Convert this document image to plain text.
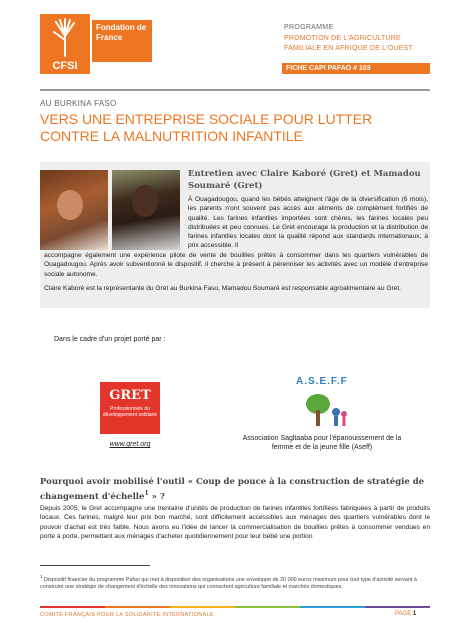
CFSI
Fondation de France
PROGRAMME
PROMOTION DE L'AGRICULTURE FAMILIALE EN AFRIQUE DE L'OUEST
FICHE CAPI PAFAO # 103
AU BURKINA FASO
VERS UNE ENTREPRISE SOCIALE POUR LUTTER CONTRE LA MALNUTRITION INFANTILE
Entretien avec Claire Kaboré (Gret) et Mamadou Soumaré (Gret)
À Ouagadougou, quand les bébés atteignent l'âge de la diversification (6 mois), les parents n'ont souvent pas accès aux aliments de complément fortifiés de qualité. Les farines infantiles importées sont chères, les farines locales peu distribuées et peu connues. Le Gret encourage la production et la distribution de farines infantiles locales dont la qualité répond aux standards internationaux, à prix accessible. Il
accompagne également une expérience pilote de vente de bouillies prêtes à consommer dans les quartiers vulnérables de Ouagadougou. Après avoir subventionné le dispositif, il cherche à présent à pérenniser les activités avec un modèle d'entreprise sociale autonome.
Claire Kaboré est la représentante du Gret au Burkina Faso, Mamadou Soumaré est responsable agroalimentaire au Gret.
Dans le cadre d'un projet porté par :
GRET
Professionnels du développement solidaire
www.gret.org
A.S.E.F.F
Association Sagltaaba pour l'épanouissement de la femme et de la jeune fille (Aseff)
Pourquoi avoir mobilisé l'outil « Coup de pouce à la construction de stratégie de changement d'échelle$^1$ » ?
Depuis 2005, le Gret accompagne une trentaine d'unités de production de farines infantiles fortifiées fabriquées à partir de produits locaux. Ces farines, malgré leur prix bon marché, sont difficilement accessibles aux ménages des quartiers vulnérables dont le pouvoir d'achat est très faible. Nous avons eu l'idée de lancer la commercialisation de bouillies prêtes à consommer vendues en porte à porte, permettant aux ménages d'acheter quotidiennement pour leur bébé une portion
$^1$ Dispositif financier du programme Pafao qui met à disposition des organisations une enveloppe de 20 000 euros maximum pour tout type d'activité servant à construire une stratégie de changement d'échelle des innovations qui connectent agriculture familiale et marchés domestiques.
COMITÉ FRANÇAIS POUR LA SOLIDARITÉ INTERNATIONALE	PAGE 1
